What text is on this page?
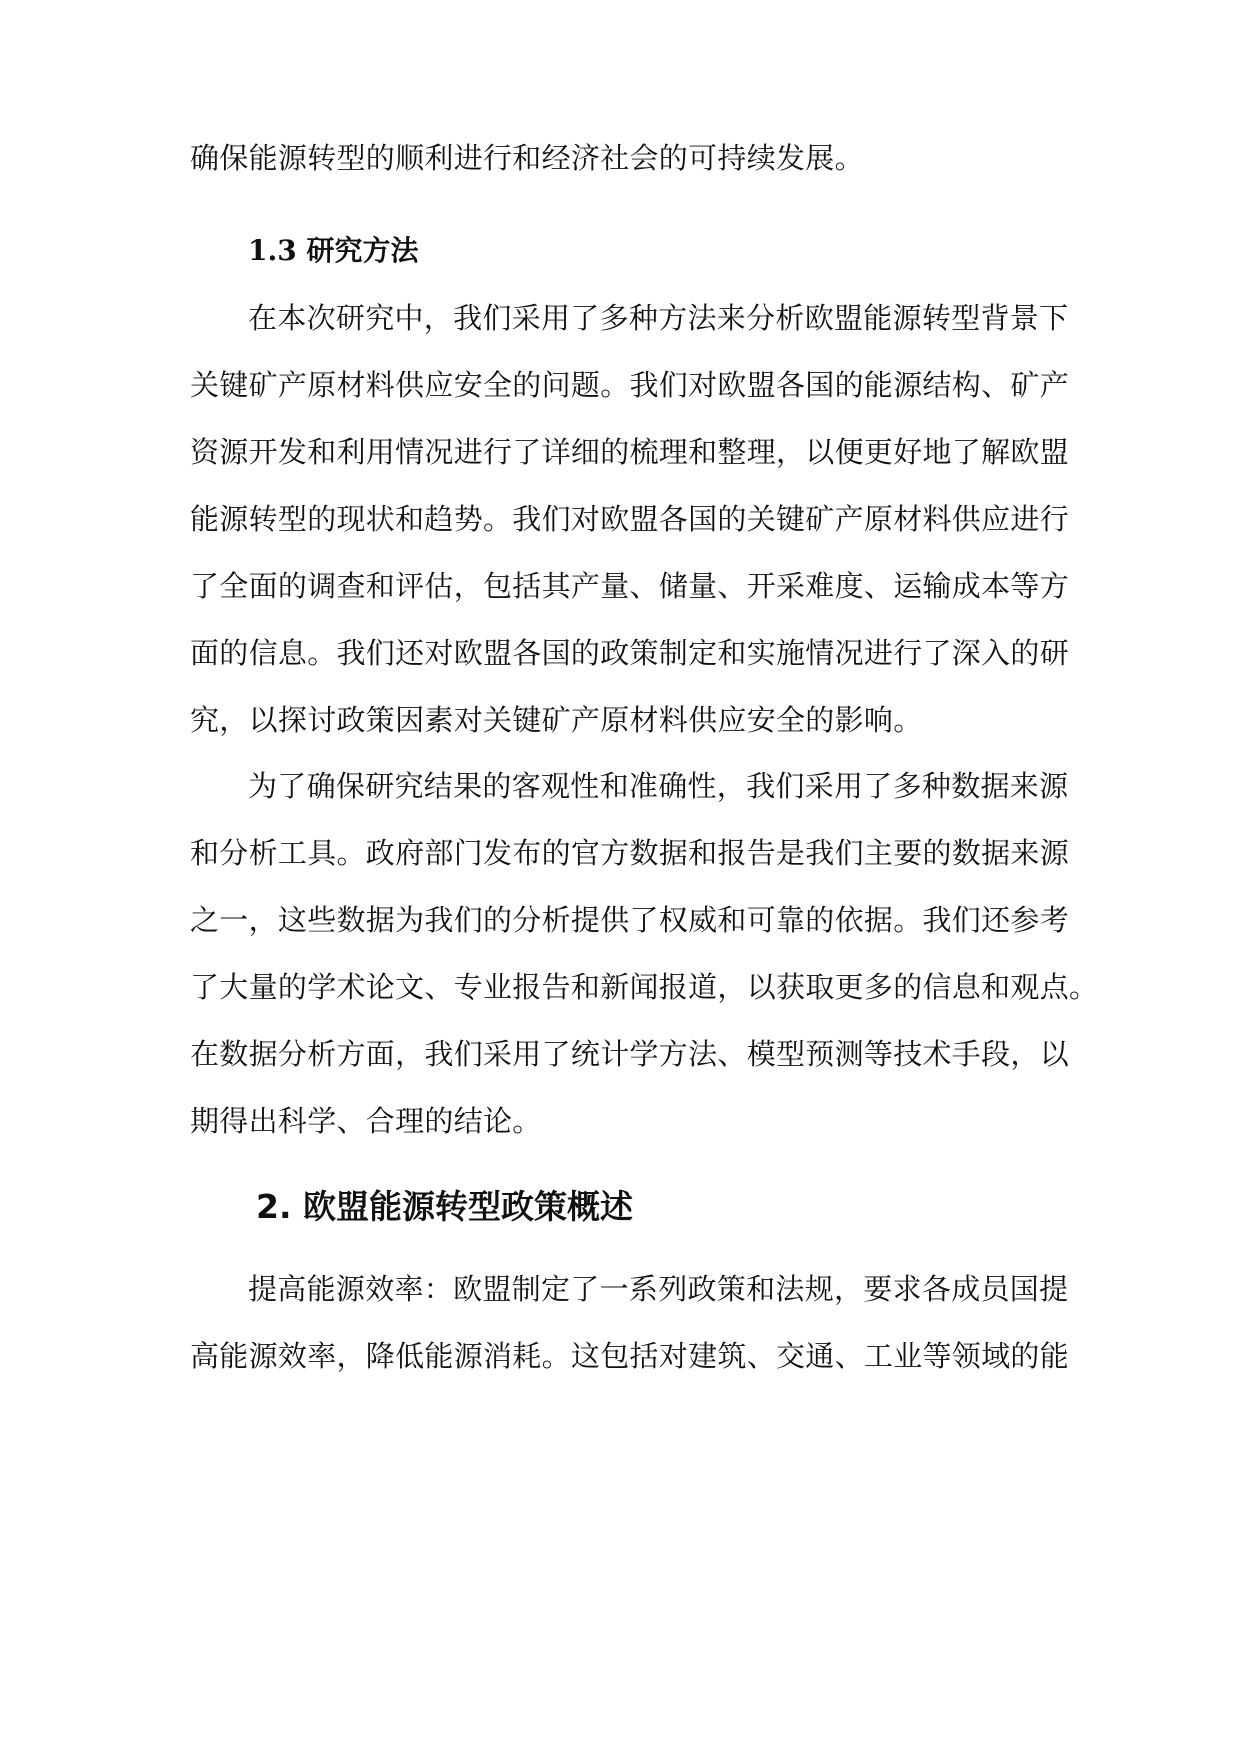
确保能源转型的顺利进行和经济社会的可持续发展。
1.3 研究方法
在本次研究中，我们采用了多种方法来分析欧盟能源转型背景下
关键矿产原材料供应安全的问题。我们对欧盟各国的能源结构、矿产
资源开发和利用情况进行了详细的梳理和整理，以便更好地了解欧盟
能源转型的现状和趋势。我们对欧盟各国的关键矿产原材料供应进行
了全面的调查和评估，包括其产量、储量、开采难度、运输成本等方
面的信息。我们还对欧盟各国的政策制定和实施情况进行了深入的研
究，以探讨政策因素对关键矿产原材料供应安全的影响。
为了确保研究结果的客观性和准确性，我们采用了多种数据来源
和分析工具。政府部门发布的官方数据和报告是我们主要的数据来源
之一，这些数据为我们的分析提供了权威和可靠的依据。我们还参考
了大量的学术论文、专业报告和新闻报道，以获取更多的信息和观点。
在数据分析方面，我们采用了统计学方法、模型预测等技术手段，以
期得出科学、合理的结论。
2. 欧盟能源转型政策概述
提高能源效率：欧盟制定了一系列政策和法规，要求各成员国提
高能源效率，降低能源消耗。这包括对建筑、交通、工业等领域的能
